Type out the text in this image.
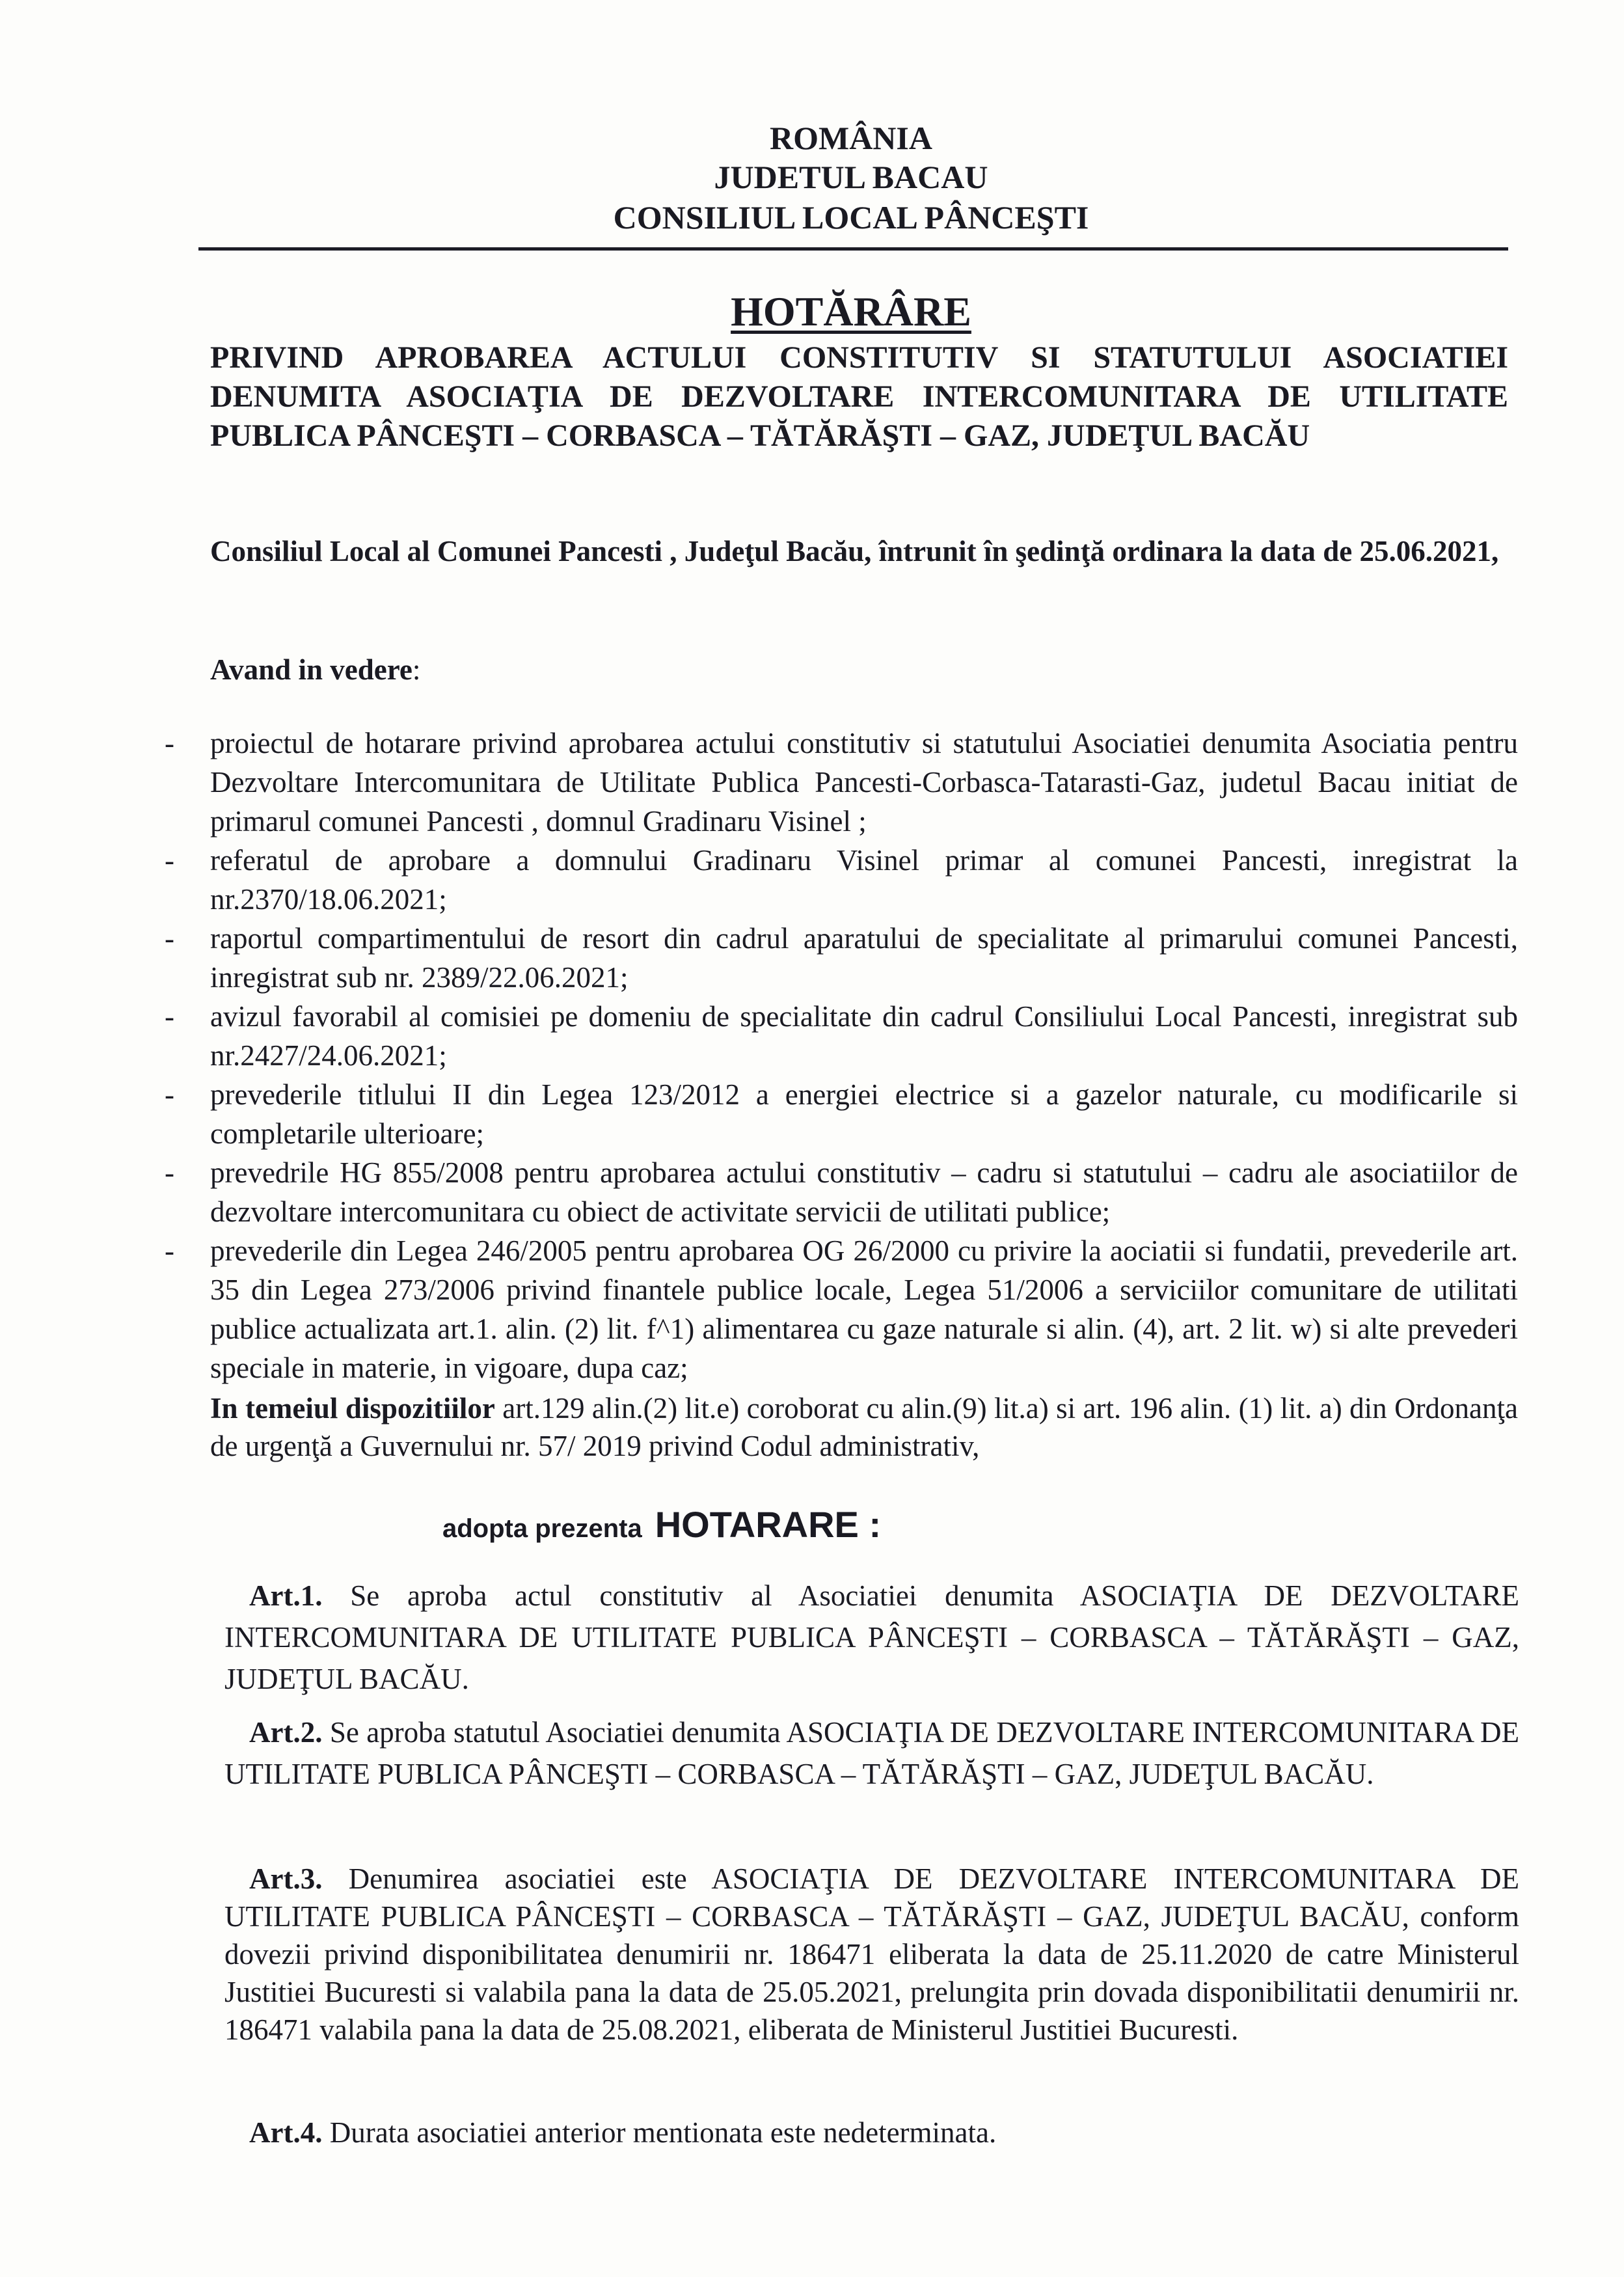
ROMÂNIA
JUDETUL BACAU
CONSILIUL LOCAL PÂNCEŞTI
HOTĂRÂRE
PRIVIND APROBAREA ACTULUI CONSTITUTIV SI STATUTULUI ASOCIATIEI DENUMITA ASOCIAŢIA DE DEZVOLTARE INTERCOMUNITARA DE UTILITATE PUBLICA PÂNCEŞTI – CORBASCA – TĂTĂRĂŞTI – GAZ, JUDEŢUL BACĂU
Consiliul Local al Comunei Pancesti , Judeţul Bacău, întrunit în şedinţă ordinara la data de 25.06.2021,
Avand in vedere:
- proiectul de hotarare privind aprobarea actului constitutiv si statutului Asociatiei denumita Asociatia pentru Dezvoltare Intercomunitara de Utilitate Publica Pancesti-Corbasca-Tatarasti-Gaz, judetul Bacau initiat de primarul comunei Pancesti , domnul Gradinaru Visinel ;
- referatul de aprobare a domnului Gradinaru Visinel primar al comunei Pancesti, inregistrat la nr.2370/18.06.2021;
- raportul compartimentului de resort din cadrul aparatului de specialitate al primarului comunei Pancesti, inregistrat sub nr. 2389/22.06.2021;
- avizul favorabil al comisiei pe domeniu de specialitate din cadrul Consiliului Local Pancesti, inregistrat sub nr.2427/24.06.2021;
- prevederile titlului II din Legea 123/2012 a energiei electrice si a gazelor naturale, cu modificarile si completarile ulterioare;
- prevedrile HG 855/2008 pentru aprobarea actului constitutiv – cadru si statutului – cadru ale asociatiilor de dezvoltare intercomunitara cu obiect de activitate servicii de utilitati publice;
- prevederile din Legea 246/2005 pentru aprobarea OG 26/2000 cu privire la aociatii si fundatii, prevederile art. 35 din Legea 273/2006 privind finantele publice locale, Legea 51/2006 a serviciilor comunitare de utilitati publice actualizata art.1. alin. (2) lit. f^1) alimentarea cu gaze naturale si alin. (4), art. 2 lit. w) si alte prevederi speciale in materie, in vigoare, dupa caz;
In temeiul dispozitiilor art.129 alin.(2) lit.e) coroborat cu alin.(9) lit.a) si art. 196 alin. (1) lit. a) din Ordonanţa de urgenţă a Guvernului nr. 57/ 2019 privind Codul administrativ,
adopta prezenta HOTARARE :
Art.1. Se aproba actul constitutiv al Asociatiei denumita ASOCIAŢIA DE DEZVOLTARE INTERCOMUNITARA DE UTILITATE PUBLICA PÂNCEŞTI – CORBASCA – TĂTĂRĂŞTI – GAZ, JUDEŢUL BACĂU.
Art.2. Se aproba statutul Asociatiei denumita ASOCIAŢIA DE DEZVOLTARE INTERCOMUNITARA DE UTILITATE PUBLICA PÂNCEŞTI – CORBASCA – TĂTĂRĂŞTI – GAZ, JUDEŢUL BACĂU.
Art.3. Denumirea asociatiei este ASOCIAŢIA DE DEZVOLTARE INTERCOMUNITARA DE UTILITATE PUBLICA PÂNCEŞTI – CORBASCA – TĂTĂRĂŞTI – GAZ, JUDEŢUL BACĂU, conform dovezii privind disponibilitatea denumirii nr. 186471 eliberata la data de 25.11.2020 de catre Ministerul Justitiei Bucuresti si valabila pana la data de 25.05.2021, prelungita prin dovada disponibilitatii denumirii nr. 186471 valabila pana la data de 25.08.2021, eliberata de Ministerul Justitiei Bucuresti.
Art.4. Durata asociatiei anterior mentionata este nedeterminata.
